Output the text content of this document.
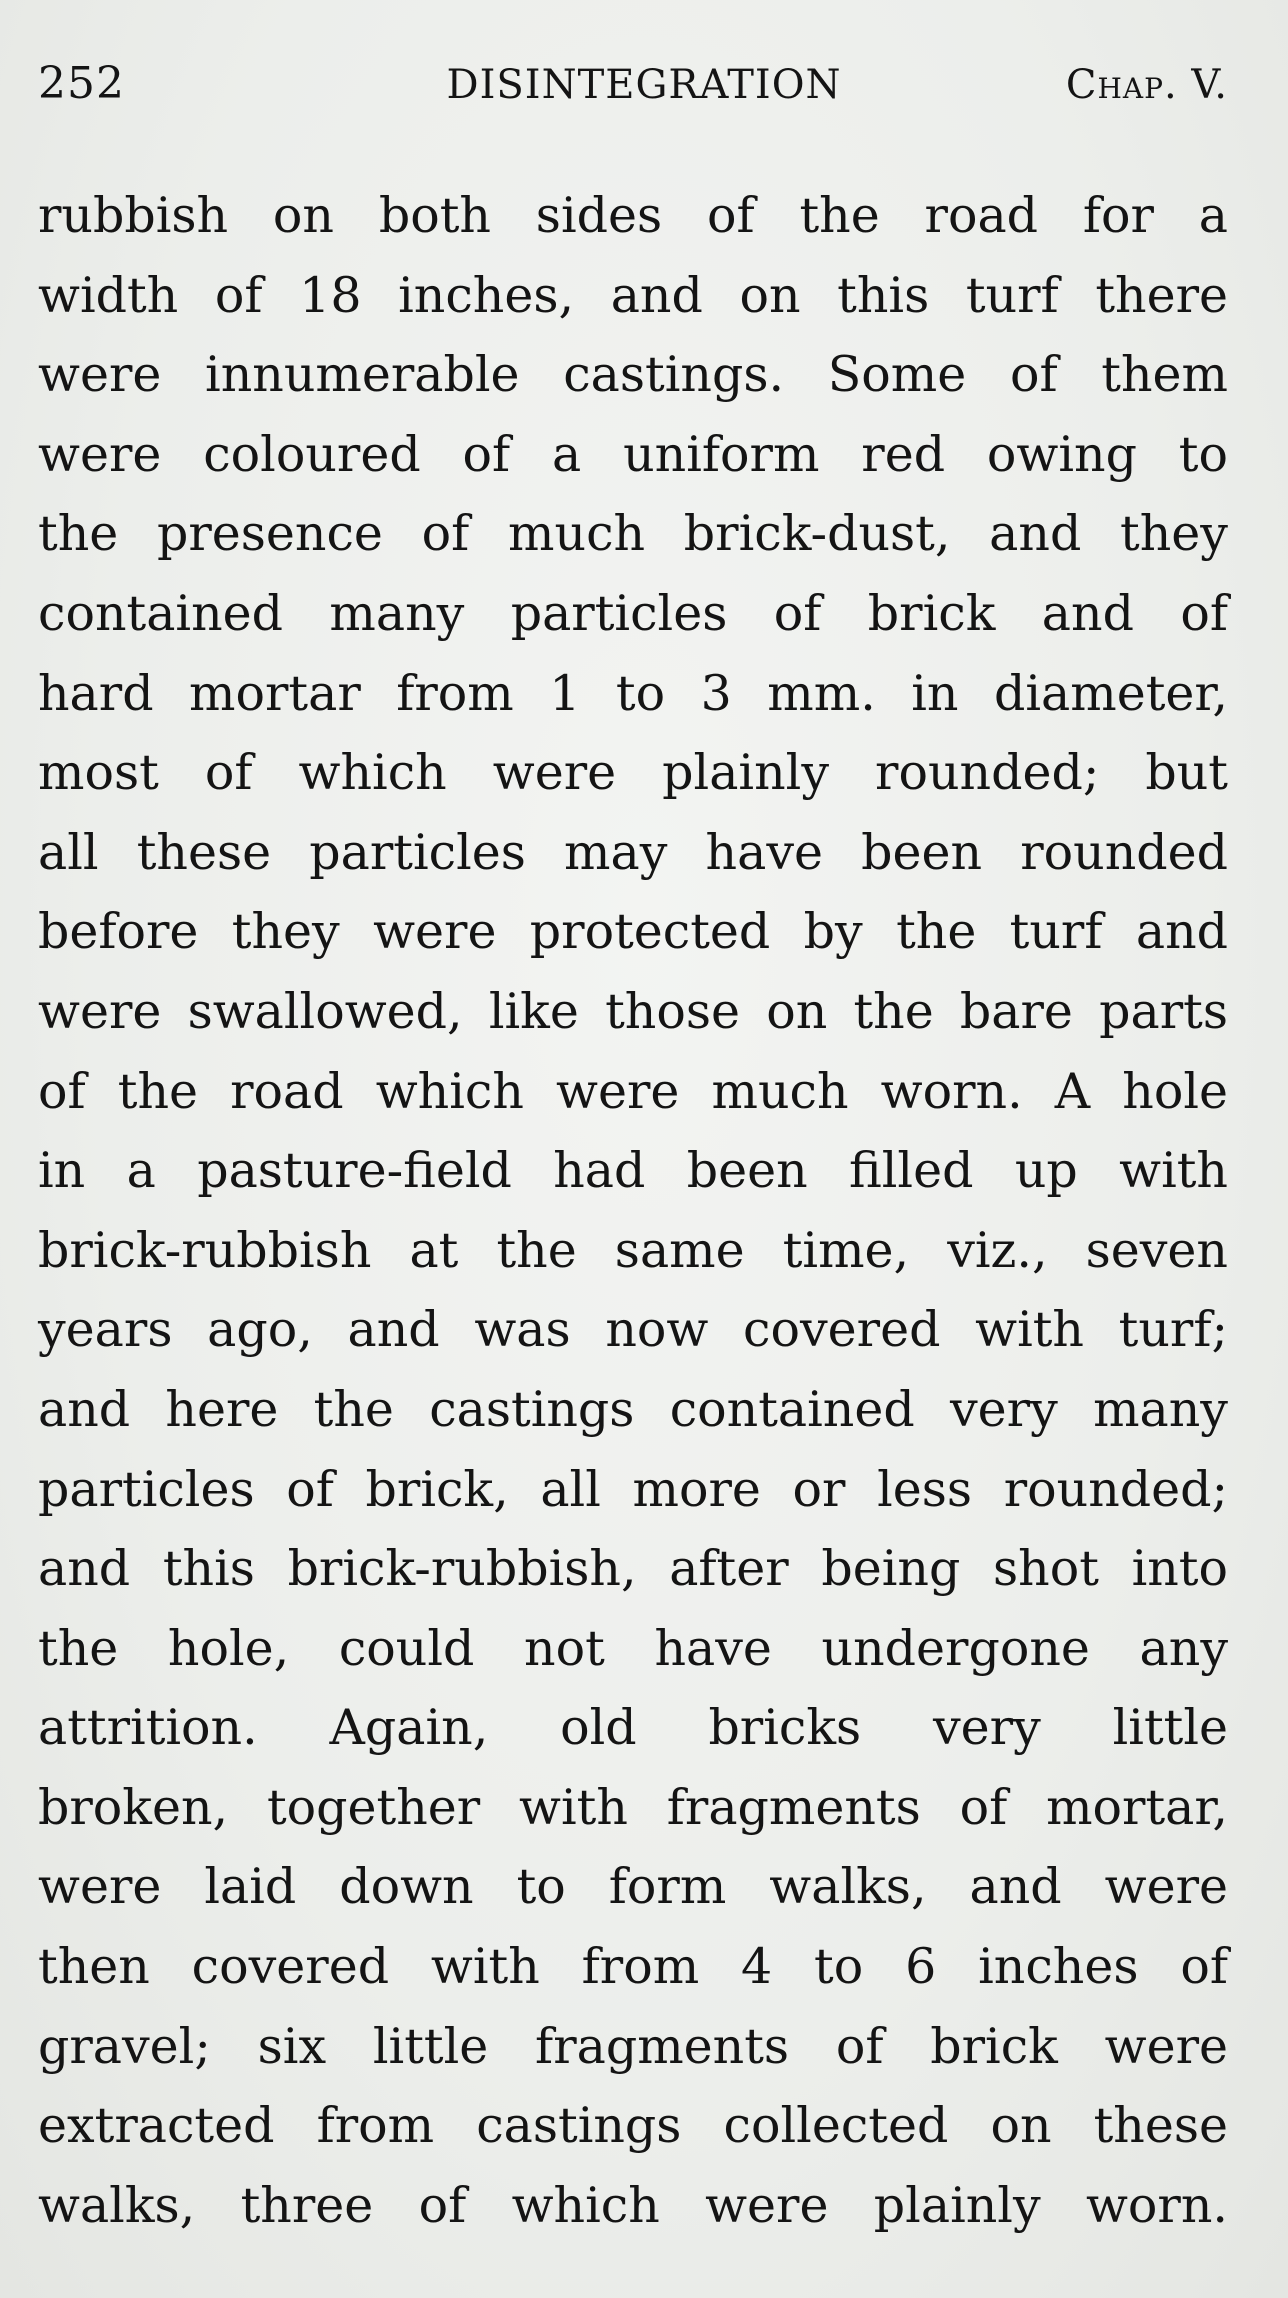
252	DISINTEGRATION	Chap. V.
rubbish on both sides of the road for a
width of 18 inches, and on this turf there
were innumerable castings. Some of them
were coloured of a uniform red owing to
the presence of much brick-dust, and they
contained many particles of brick and of
hard mortar from 1 to 3 mm. in diameter,
most of which were plainly rounded; but
all these particles may have been rounded
before they were protected by the turf and
were swallowed, like those on the bare parts
of the road which were much worn. A hole
in a pasture-field had been filled up with
brick-rubbish at the same time, viz., seven
years ago, and was now covered with turf;
and here the castings contained very many
particles of brick, all more or less rounded;
and this brick-rubbish, after being shot into
the hole, could not have undergone any
attrition. Again, old bricks very little
broken, together with fragments of mortar,
were laid down to form walks, and were
then covered with from 4 to 6 inches of
gravel; six little fragments of brick were
extracted from castings collected on these
walks, three of which were plainly worn.
